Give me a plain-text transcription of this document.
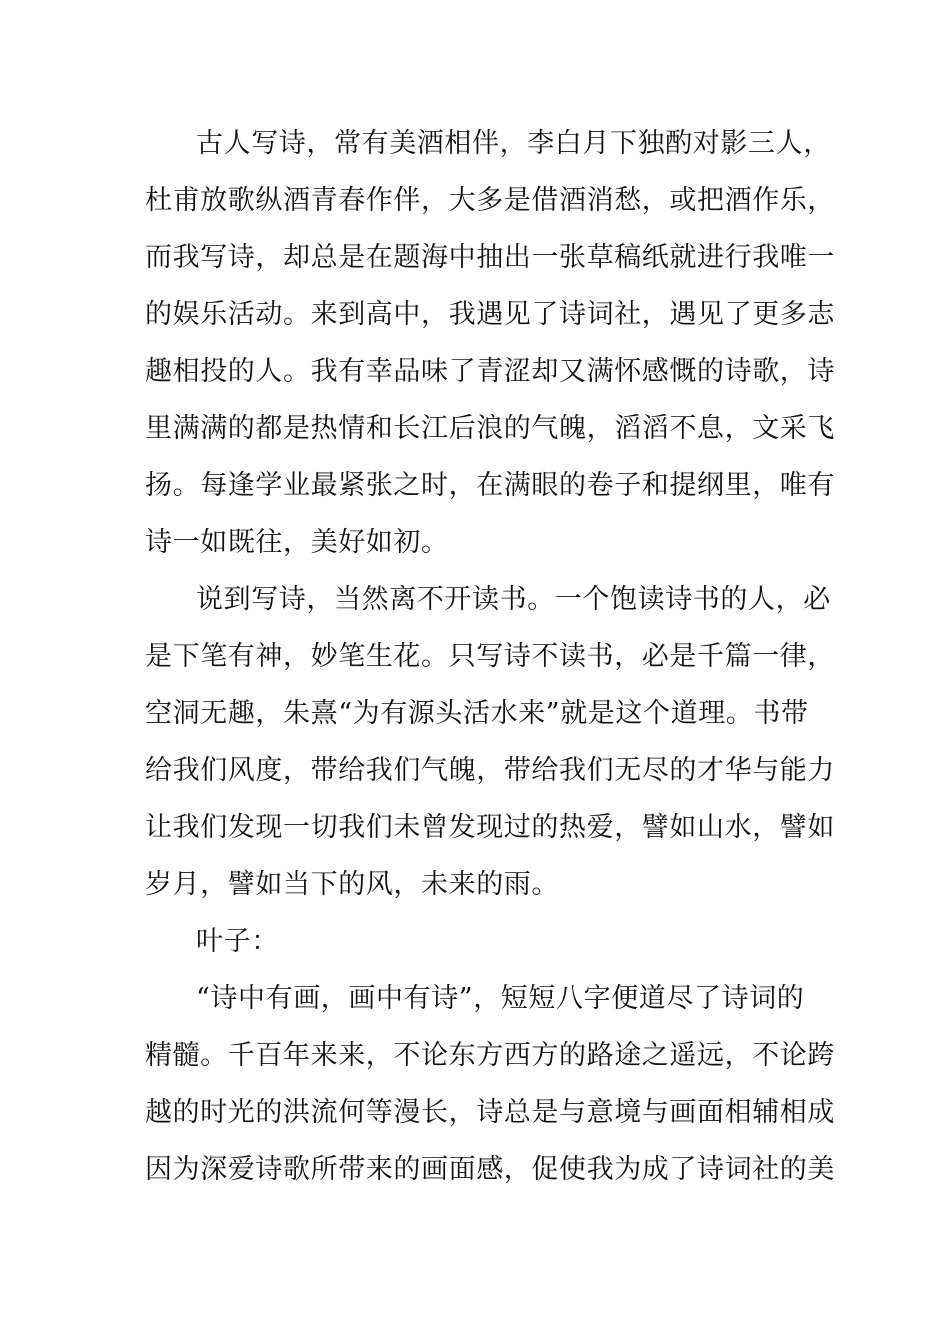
古人写诗，常有美酒相伴，李白月下独酌对影三人，
杜甫放歌纵酒青春作伴，大多是借酒消愁，或把酒作乐，
而我写诗，却总是在题海中抽出一张草稿纸就进行我唯一
的娱乐活动。来到高中，我遇见了诗词社，遇见了更多志
趣相投的人。我有幸品味了青涩却又满怀感慨的诗歌，诗
里满满的都是热情和长江后浪的气魄，滔滔不息，文采飞
扬。每逢学业最紧张之时，在满眼的卷子和提纲里，唯有
诗一如既往，美好如初。
说到写诗，当然离不开读书。一个饱读诗书的人，必
是下笔有神，妙笔生花。只写诗不读书，必是千篇一律，
空洞无趣，朱熹“为有源头活水来”就是这个道理。书带
给我们风度，带给我们气魄，带给我们无尽的才华与能力
让我们发现一切我们未曾发现过的热爱，譬如山水，譬如
岁月，譬如当下的风，未来的雨。
叶子：
“诗中有画，画中有诗”，短短八字便道尽了诗词的
精髓。千百年来来，不论东方西方的路途之遥远，不论跨
越的时光的洪流何等漫长，诗总是与意境与画面相辅相成
因为深爱诗歌所带来的画面感，促使我为成了诗词社的美
